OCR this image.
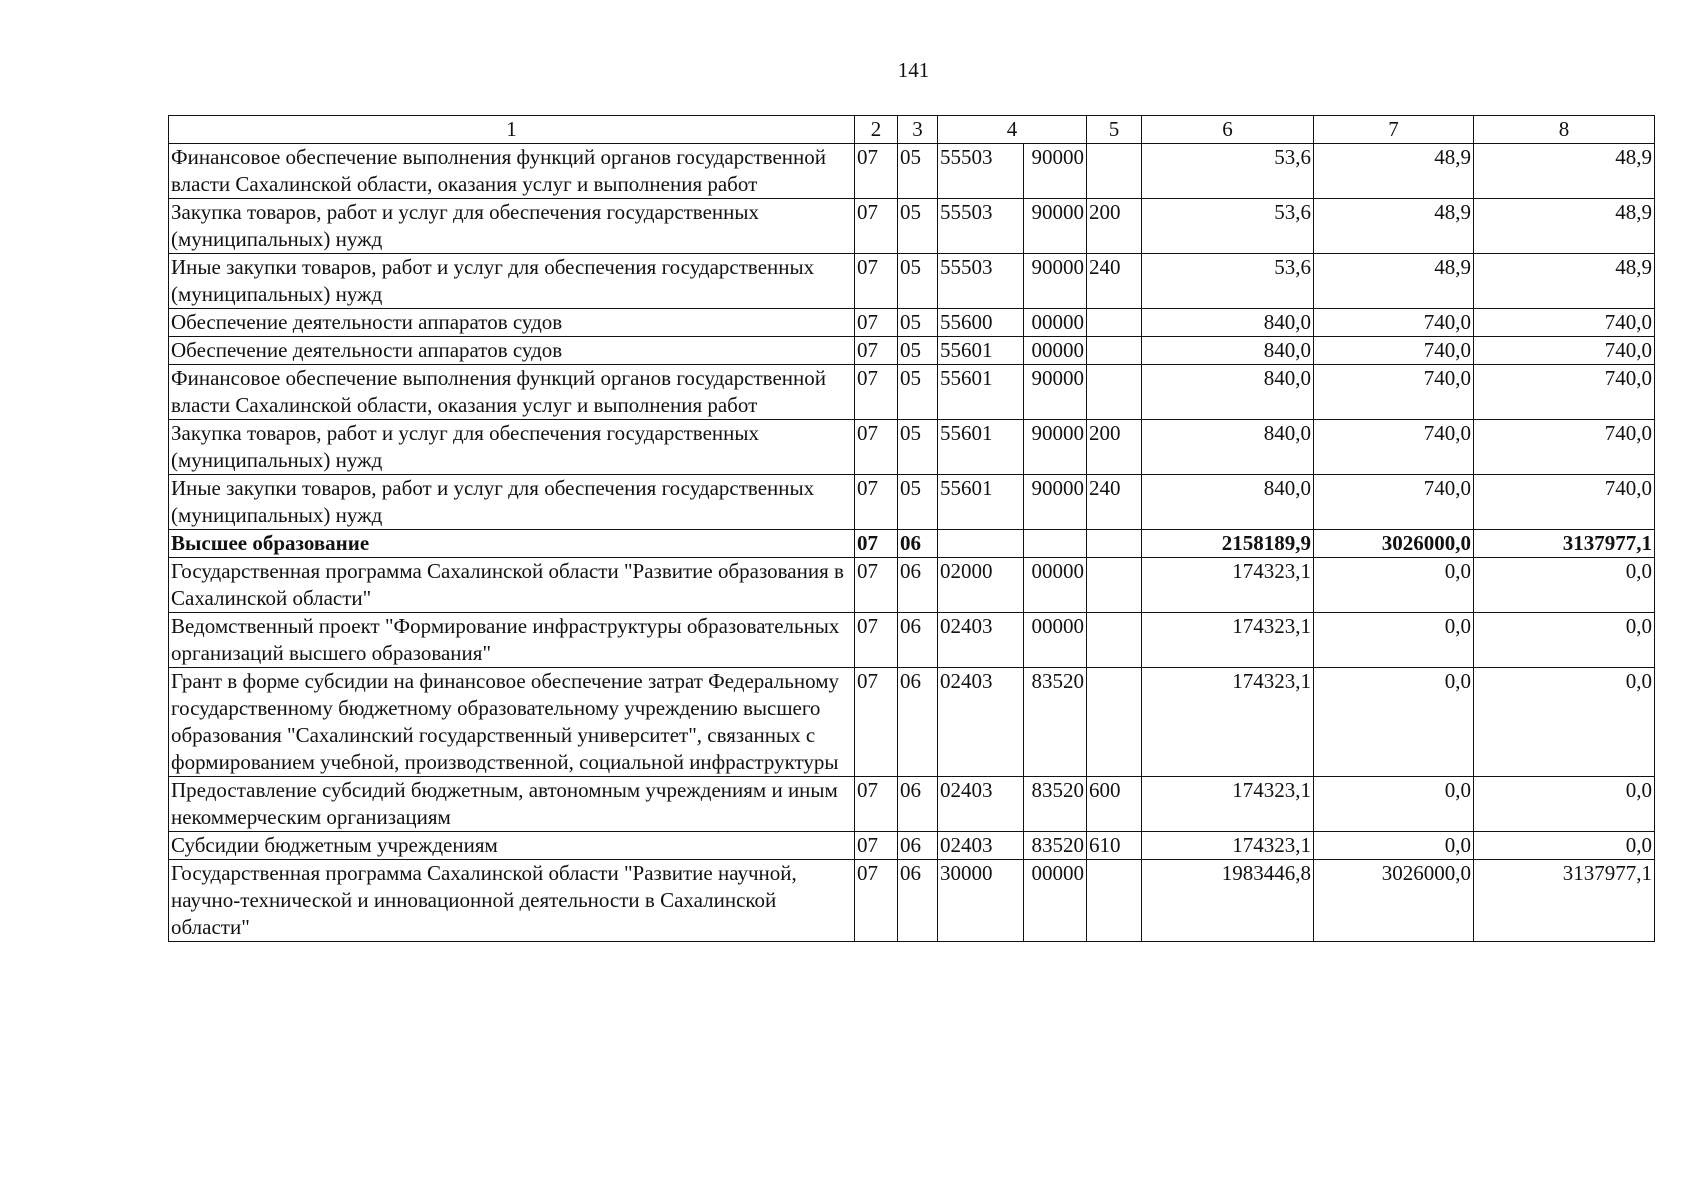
141
1	2	3	4		5	6	7	8
Финансовое обеспечение выполнения функций органов государственной власти Сахалинской области, оказания услуг и выполнения работ	07	05	55503	90000		53,6	48,9	48,9
Закупка товаров, работ и услуг для обеспечения государственных (муниципальных) нужд	07	05	55503	90000	200	53,6	48,9	48,9
Иные закупки товаров, работ и услуг для обеспечения государственных (муниципальных) нужд	07	05	55503	90000	240	53,6	48,9	48,9
Обеспечение деятельности аппаратов судов	07	05	55600	00000		840,0	740,0	740,0
Обеспечение деятельности аппаратов судов	07	05	55601	00000		840,0	740,0	740,0
Финансовое обеспечение выполнения функций органов государственной власти Сахалинской области, оказания услуг и выполнения работ	07	05	55601	90000		840,0	740,0	740,0
Закупка товаров, работ и услуг для обеспечения государственных (муниципальных) нужд	07	05	55601	90000	200	840,0	740,0	740,0
Иные закупки товаров, работ и услуг для обеспечения государственных (муниципальных) нужд	07	05	55601	90000	240	840,0	740,0	740,0
Высшее образование	07	06				2158189,9	3026000,0	3137977,1
Государственная программа Сахалинской области "Развитие образования в Сахалинской области"	07	06	02000	00000		174323,1	0,0	0,0
Ведомственный проект "Формирование инфраструктуры образовательных организаций высшего образования"	07	06	02403	00000		174323,1	0,0	0,0
Грант в форме субсидии на финансовое обеспечение затрат Федеральному государственному бюджетному образовательному учреждению высшего образования "Сахалинский государственный университет", связанных с формированием учебной, производственной, социальной инфраструктуры	07	06	02403	83520		174323,1	0,0	0,0
Предоставление субсидий бюджетным, автономным учреждениям и иным некоммерческим организациям	07	06	02403	83520	600	174323,1	0,0	0,0
Субсидии бюджетным учреждениям	07	06	02403	83520	610	174323,1	0,0	0,0
Государственная программа Сахалинской области "Развитие научной, научно-технической и инновационной деятельности в Сахалинской области"	07	06	30000	00000		1983446,8	3026000,0	3137977,1
